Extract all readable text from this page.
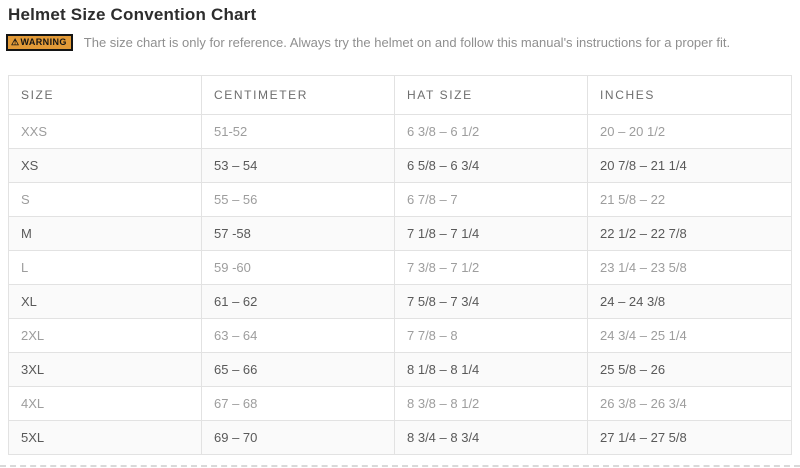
Helmet Size Convention Chart
⚠ WARNING The size chart is only for reference. Always try the helmet on and follow this manual's instructions for a proper fit.
SIZE	CENTIMETER	HAT SIZE	INCHES
XXS	51-52	6 3/8 – 6 1/2	20 – 20 1/2
XS	53 – 54	6 5/8 – 6 3/4	20 7/8 – 21 1/4
S	55 – 56	6 7/8 – 7	21 5/8 – 22
M	57 -58	7 1/8 – 7 1/4	22 1/2 – 22 7/8
L	59 -60	7 3/8 – 7 1/2	23 1/4 – 23 5/8
XL	61 – 62	7 5/8 – 7 3/4	24 – 24 3/8
2XL	63 – 64	7 7/8 – 8	24 3/4 – 25 1/4
3XL	65 – 66	8 1/8 – 8 1/4	25 5/8 – 26
4XL	67 – 68	8 3/8 – 8 1/2	26 3/8 – 26 3/4
5XL	69 – 70	8 3/4 – 8 3/4	27 1/4 – 27 5/8
